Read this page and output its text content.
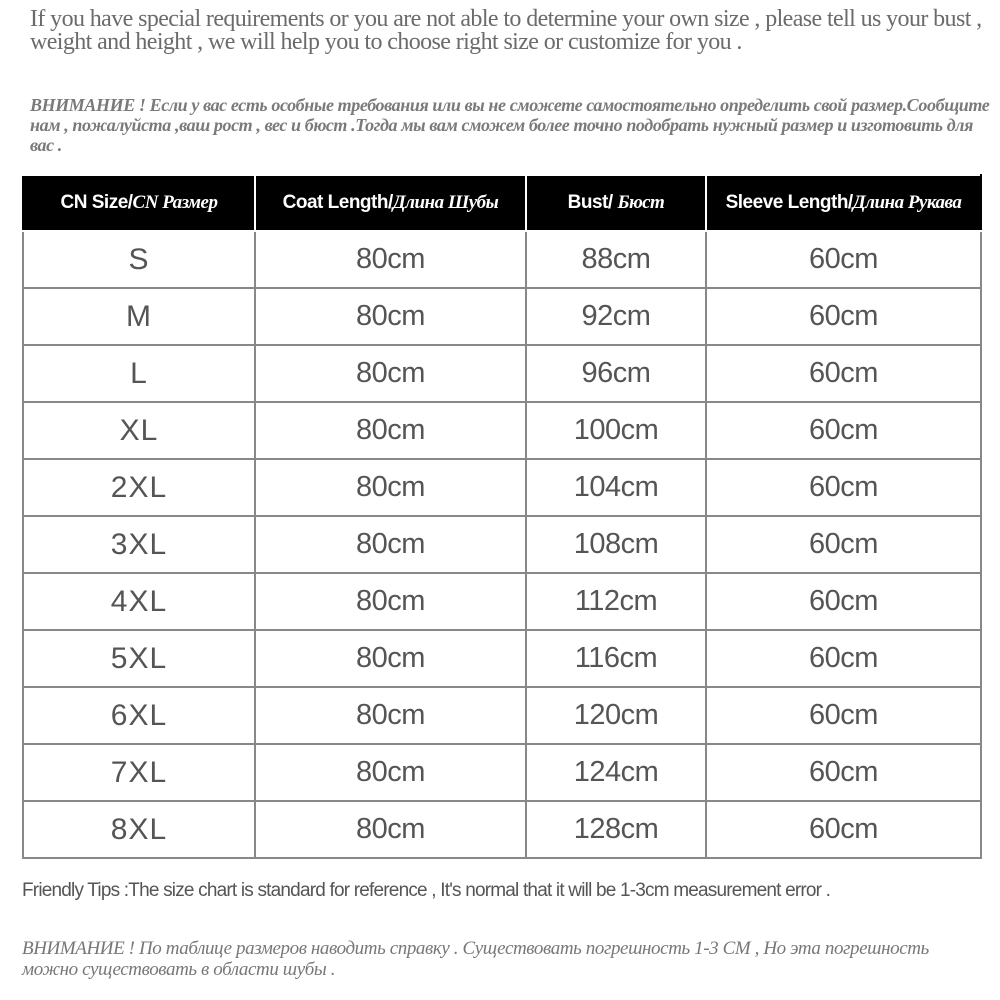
If you have special requirements or you are not able to determine your own size , please tell us your bust , weight and height , we will help you to choose right size or customize for you .

ВНИМАНИЕ ! Если у вас есть особные требования или вы не сможете самостоятельно определить свой размер.Сообщите нам , пожалуйста ,ваш рост , вес и бюст .Тогда мы вам сможем более точно подобрать нужный размер и изготовить для вас .

CN Size/CN Размер	Coat Length/Длина Шубы	Bust/ Бюст	Sleeve Length/Длина Рукава
S	80cm	88cm	60cm
M	80cm	92cm	60cm
L	80cm	96cm	60cm
XL	80cm	100cm	60cm
2XL	80cm	104cm	60cm
3XL	80cm	108cm	60cm
4XL	80cm	112cm	60cm
5XL	80cm	116cm	60cm
6XL	80cm	120cm	60cm
7XL	80cm	124cm	60cm
8XL	80cm	128cm	60cm

Friendly Tips :The size chart is standard for reference , It's normal that it will be 1-3cm measurement error .

ВНИМАНИЕ ! По таблице размеров наводить справку . Существовать погрешность 1-3 СМ , Но эта погрешность можно существовать в области шубы .
